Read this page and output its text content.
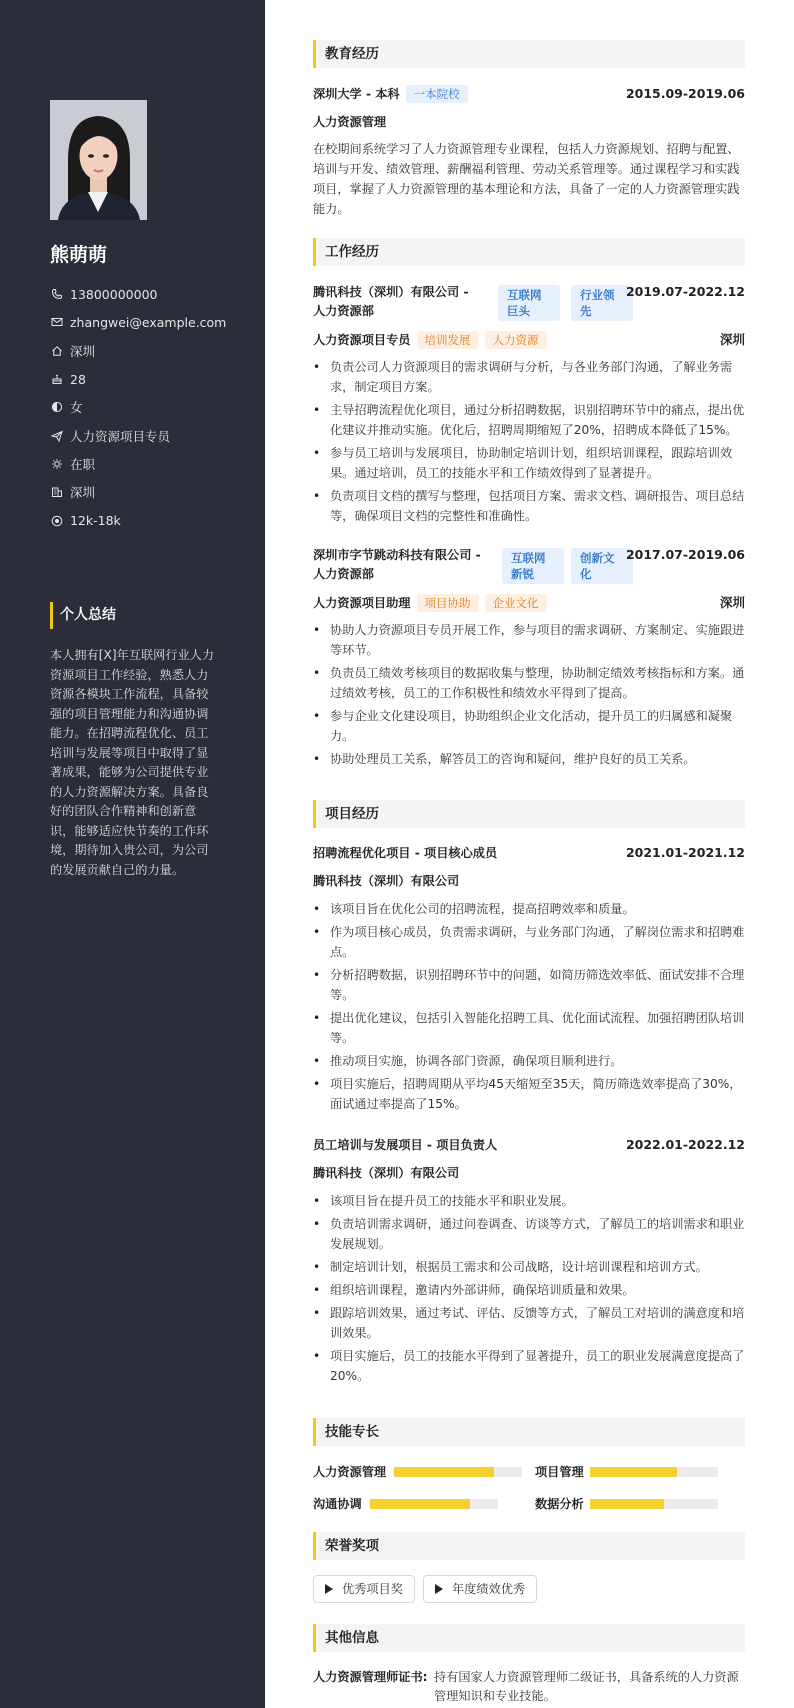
熊萌萌
13800000000
zhangwei@example.com
深圳
28
女
人力资源项目专员
在职
深圳
12k-18k
个人总结
本人拥有[X]年互联网行业人力资源项目工作经验，熟悉人力资源各模块工作流程，具备较强的项目管理能力和沟通协调能力。在招聘流程优化、员工培训与发展等项目中取得了显著成果，能够为公司提供专业的人力资源解决方案。具备良好的团队合作精神和创新意识，能够适应快节奏的工作环境，期待加入贵公司，为公司的发展贡献自己的力量。
教育经历
深圳大学 - 本科 一本院校	2015.09-2019.06
人力资源管理
在校期间系统学习了人力资源管理专业课程，包括人力资源规划、招聘与配置、培训与开发、绩效管理、薪酬福利管理、劳动关系管理等。通过课程学习和实践项目，掌握了人力资源管理的基本理论和方法，具备了一定的人力资源管理实践能力。
工作经历
腾讯科技（深圳）有限公司 - 人力资源部
互联网巨头
行业领先
2019.07-2022.12
人力资源项目专员 培训发展 人力资源	深圳
• 负责公司人力资源项目的需求调研与分析，与各业务部门沟通，了解业务需求，制定项目方案。
• 主导招聘流程优化项目，通过分析招聘数据，识别招聘环节中的痛点，提出优化建议并推动实施。优化后，招聘周期缩短了20%，招聘成本降低了15%。
• 参与员工培训与发展项目，协助制定培训计划，组织培训课程，跟踪培训效果。通过培训，员工的技能水平和工作绩效得到了显著提升。
• 负责项目文档的撰写与整理，包括项目方案、需求文档、调研报告、项目总结等，确保项目文档的完整性和准确性。
深圳市字节跳动科技有限公司 - 人力资源部
互联网新锐
创新文化
2017.07-2019.06
人力资源项目助理 项目协助 企业文化	深圳
• 协助人力资源项目专员开展工作，参与项目的需求调研、方案制定、实施跟进等环节。
• 负责员工绩效考核项目的数据收集与整理，协助制定绩效考核指标和方案。通过绩效考核，员工的工作积极性和绩效水平得到了提高。
• 参与企业文化建设项目，协助组织企业文化活动，提升员工的归属感和凝聚力。
• 协助处理员工关系，解答员工的咨询和疑问，维护良好的员工关系。
项目经历
招聘流程优化项目 - 项目核心成员	2021.01-2021.12
腾讯科技（深圳）有限公司
• 该项目旨在优化公司的招聘流程，提高招聘效率和质量。
• 作为项目核心成员，负责需求调研，与业务部门沟通，了解岗位需求和招聘难点。
• 分析招聘数据，识别招聘环节中的问题，如简历筛选效率低、面试安排不合理等。
• 提出优化建议，包括引入智能化招聘工具、优化面试流程、加强招聘团队培训等。
• 推动项目实施，协调各部门资源，确保项目顺利进行。
• 项目实施后，招聘周期从平均45天缩短至35天，简历筛选效率提高了30%，面试通过率提高了15%。
员工培训与发展项目 - 项目负责人	2022.01-2022.12
腾讯科技（深圳）有限公司
• 该项目旨在提升员工的技能水平和职业发展。
• 负责培训需求调研，通过问卷调查、访谈等方式，了解员工的培训需求和职业发展规划。
• 制定培训计划，根据员工需求和公司战略，设计培训课程和培训方式。
• 组织培训课程，邀请内外部讲师，确保培训质量和效果。
• 跟踪培训效果，通过考试、评估、反馈等方式，了解员工对培训的满意度和培训效果。
• 项目实施后，员工的技能水平得到了显著提升，员工的职业发展满意度提高了20%。
技能专长
人力资源管理	项目管理
沟通协调	数据分析
荣誉奖项
优秀项目奖	年度绩效优秀
其他信息
人力资源管理师证书: 持有国家人力资源管理师二级证书，具备系统的人力资源管理知识和专业技能。
